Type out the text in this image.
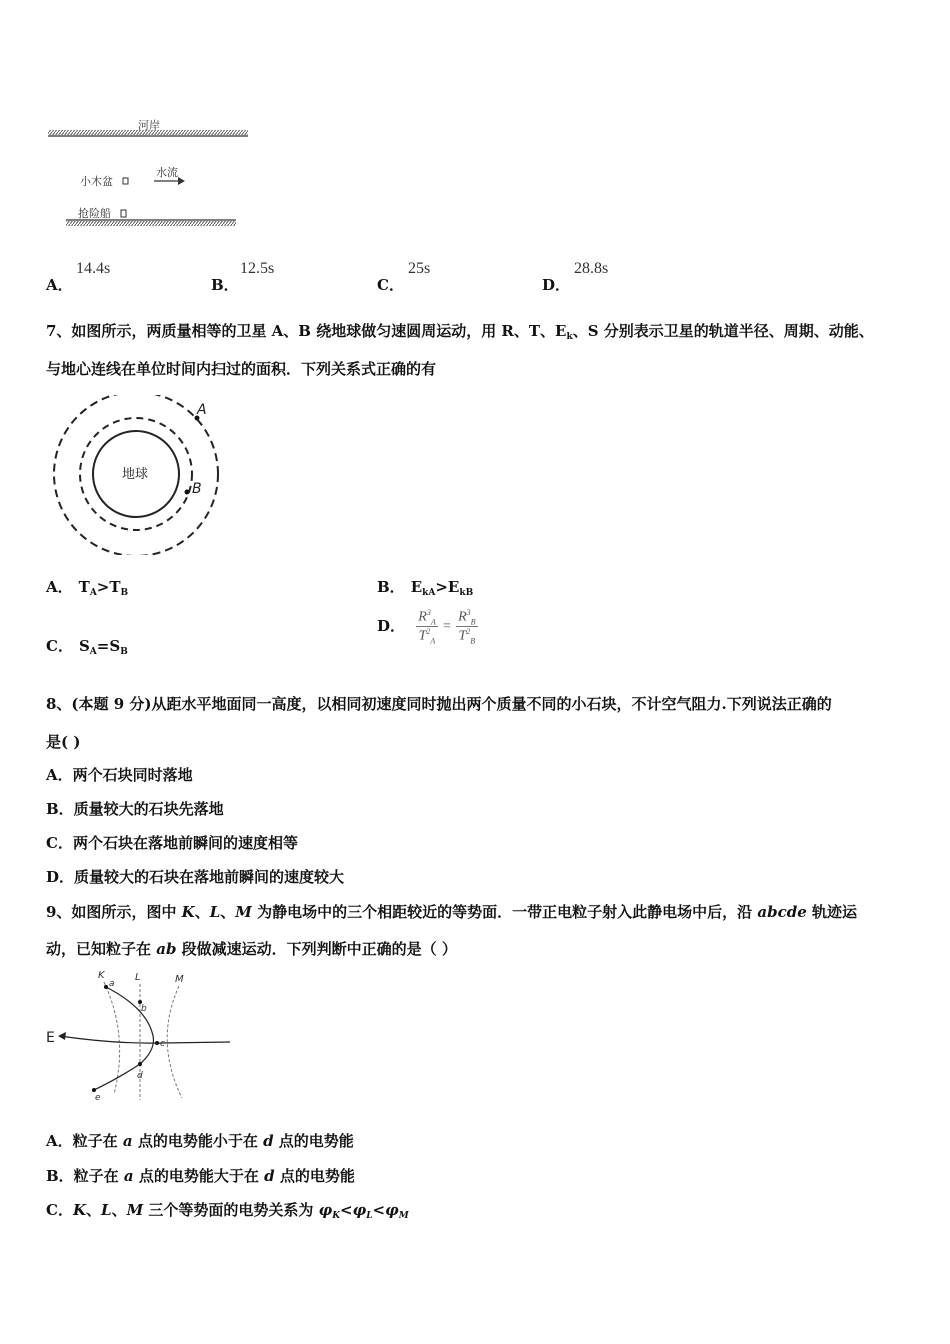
河岸
小木盆
水流
抢险船
A．
14.4s
B．
12.5s
C．
25s
D．
28.8s
7、如图所示，两质量相等的卫星 A、B 绕地球做匀速圆周运动，用 R、T、$E_k$、S 分别表示卫星的轨道半径、周期、动能、
与地心连线在单位时间内扫过的面积．下列关系式正确的有
地球
A
B
A． $T_A>T_B$	B． $E_{kA}>E_{kB}$
C． $S_A=S_B$
D． $\frac{R^3_A}{T^2_A} = \frac{R^3_B}{T^2_B}$
8、(本题 9 分)从距水平地面同一高度，以相同初速度同时抛出两个质量不同的小石块，不计空气阻力.下列说法正确的
是( )
A．两个石块同时落地
B．质量较大的石块先落地
C．两个石块在落地前瞬间的速度相等
D．质量较大的石块在落地前瞬间的速度较大
9、如图所示，图中 K、L、M 为静电场中的三个相距较近的等势面．一带正电粒子射入此静电场中后，沿 abcde 轨迹运
动，已知粒子在 ab 段做减速运动．下列判断中正确的是（ ）
K	L	M
E
a
b
c
d
e
A．粒子在 a 点的电势能小于在 d 点的电势能
B．粒子在 a 点的电势能大于在 d 点的电势能
C．K、L、M 三个等势面的电势关系为 $\varphi_K<\varphi_L<\varphi_M$
